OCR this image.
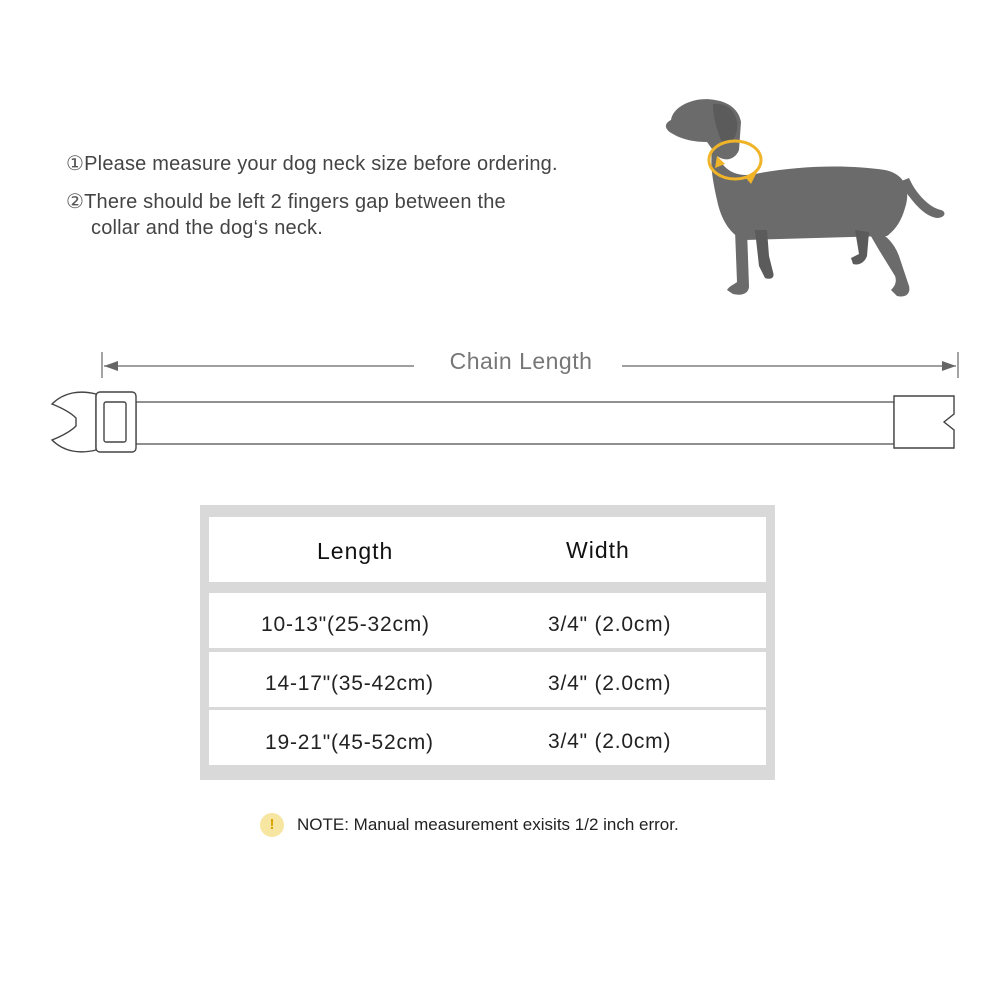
①Please measure your dog neck size before ordering.
②There should be left 2 fingers gap between the
collar and the dog‘s neck.
Chain Length
Length	Width
10-13"(25-32cm)	3/4" (2.0cm)
14-17"(35-42cm)	3/4" (2.0cm)
19-21"(45-52cm)	3/4" (2.0cm)
!	NOTE: Manual measurement exisits 1/2 inch error.
